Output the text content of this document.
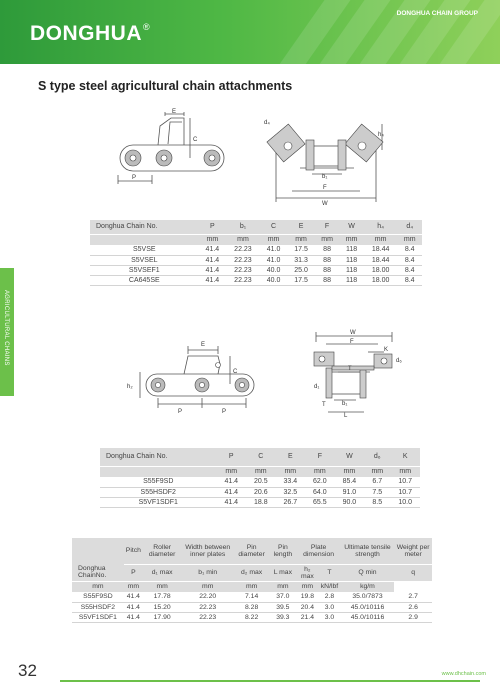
DONGHUA®
DONGHUA CHAIN GROUP
AGRICULTURAL CHAINS
S type steel agricultural chain attachments
E
C
P
d₄
h₄
b₁
F
W
Donghua Chain No.	P	b₁	C	E	F	W	h₄	d₄
	mm	mm	mm	mm	mm	mm	mm	mm
S5VSE	41.4	22.23	41.0	17.5	88	118	18.44	8.4
S5VSEL	41.4	22.23	41.0	31.3	88	118	18.44	8.4
S5VSEF1	41.4	22.23	40.0	25.0	88	118	18.00	8.4
CA645SE	41.4	22.23	40.0	17.5	88	118	18.00	8.4
E
C
h₂
P	P
W
F
K
d₆
T
d₁
T	b₁
L
Donghua Chain No.	P	C	E	F	W	d₆	K
	mm	mm	mm	mm	mm	mm	mm
S55F9SD	41.4	20.5	33.4	62.0	85.4	6.7	10.7
S55HSDF2	41.4	20.6	32.5	64.0	91.0	7.5	10.7
S5VF1SDF1	41.4	18.8	26.7	65.5	90.0	8.5	10.0
Donghua ChainNo.	Pitch	Roller diameter	Width between inner plates	Pin diameter	Pin length	Plate dimension		Ultimate tensile strength	Weight per meter
	P	d₁ max	b₁ min	d₂ max	L max	h₂ max	T	Q min	q
mm	mm	mm	mm	mm	mm	mm	kN/lbf	kg/m	
S55F9SD	41.4	17.78	22.20	7.14	37.0	19.8	2.8	35.0/7873	2.7
S55HSDF2	41.4	15.20	22.23	8.28	39.5	20.4	3.0	45.0/10116	2.6
S5VF1SDF1	41.4	17.90	22.23	8.22	39.3	21.4	3.0	45.0/10116	2.9
32	www.dhchain.com
